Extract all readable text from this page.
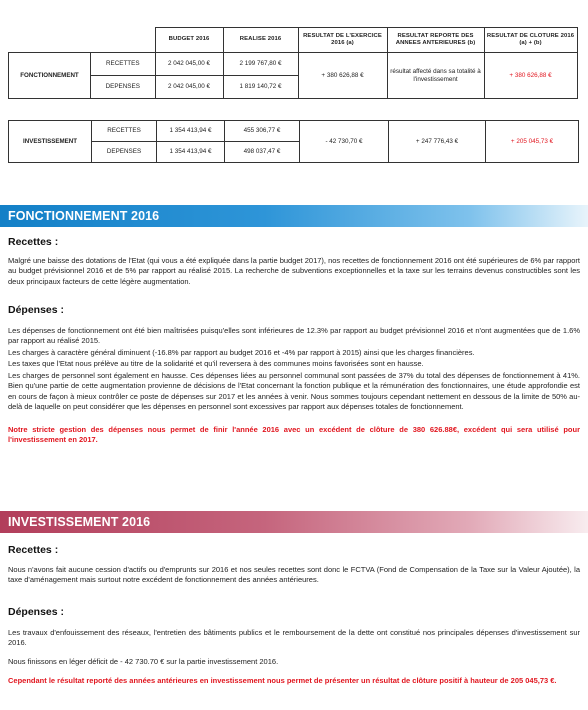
		BUDGET 2016	REALISE 2016	RESULTAT DE L'EXERCICE 2016 (a)	RESULTAT REPORTE DES ANNEES ANTERIEURES (b)	RESULTAT DE CLOTURE 2016 (a) + (b)
FONCTIONNEMENT	RECETTES	2 042 045,00 €	2 199 767,80 €	+ 380 626,88 €	résultat affecté dans sa totalité à l'investissement	+ 380 626,88 €
	DEPENSES	2 042 045,00 €	1 819 140,72 €			
INVESTISSEMENT	RECETTES	1 354 413,94 €	455 306,77 €	- 42 730,70 €	+ 247 776,43 €	+ 205 045,73 €
	DEPENSES	1 354 413,94 €	498 037,47 €			
FONCTIONNEMENT 2016
Recettes :

Malgré une baisse des dotations de l'Etat (qui vous a été expliquée dans la partie budget 2017), nos recettes de fonctionnement 2016 ont été supérieures de 6% par rapport au budget prévisionnel 2016 et de 5% par rapport au réalisé 2015. La recherche de subventions exceptionnelles et la taxe sur les terrains devenus constructibles sont les deux principaux facteurs de cette légère augmentation.

Dépenses :

Les dépenses de fonctionnement ont été bien maîtrisées puisqu'elles sont inférieures de 12.3% par rapport au budget prévisionnel 2016 et n'ont augmentées que de 1.6% par rapport au réalisé 2015.

Les charges à caractère général diminuent (-16.8% par rapport au budget 2016 et -4% par rapport à 2015) ainsi que les charges financières.

Les taxes que l'Etat nous prélève au titre de la solidarité et qu'il reversera à des communes moins favorisées sont en hausse.

Les charges de personnel sont également en hausse. Ces dépenses liées au personnel communal sont passées de 37% du total des dépenses de fonctionnement à 41%. Bien qu'une partie de cette augmentation provienne de décisions de l'Etat concernant la fonction publique et la rémunération des fonctionnaires, une étude approfondie est en cours de façon à mieux contrôler ce poste de dépenses sur 2017 et les années à venir. Nous sommes toujours cependant nettement en dessous de la limite de 50% au-delà de laquelle on peut considérer que les dépenses en personnel sont excessives par rapport aux dépenses totales de fonctionnement.

Notre stricte gestion des dépenses nous permet de finir l'année 2016 avec un excédent de clôture de 380 626.88€, excédent qui sera utilisé pour l'investissement en 2017.

INVESTISSEMENT 2016
Recettes :

Nous n'avons fait aucune cession d'actifs ou d'emprunts sur 2016 et nos seules recettes sont donc le FCTVA (Fond de Compensation de la Taxe sur la Valeur Ajoutée), la taxe d'aménagement mais surtout notre excédent de fonctionnement des années antérieures.

Dépenses :

Les travaux d'enfouissement des réseaux, l'entretien des bâtiments publics et le remboursement de la dette ont constitué nos principales dépenses d'investissement sur 2016.

Nous finissons en léger déficit de - 42 730.70 € sur la partie investissement 2016.

Cependant le résultat reporté des années antérieures en investissement nous permet de présenter un résultat de clôture positif à hauteur de 205 045,73 €.
